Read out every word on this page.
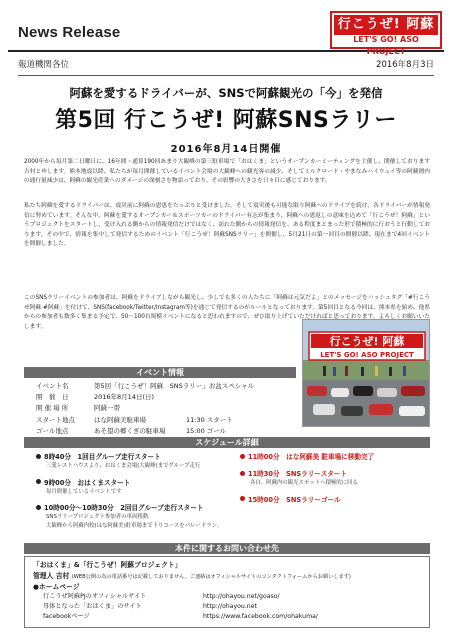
News Release	行こうぜ! 阿蘇
LET'S GO! ASO PROJECT
報道機関各位	2016年8月3日
阿蘇を愛するドライバーが、SNSで阿蘇観光の「今」を発信
第5回 行こうぜ! 阿蘇SNSラリー
2016年8月14日開催

2000年から毎月第二日曜日に、16年間・通算190回あまり大観峰の第三駐車場で「おはくま」というオープンカーミーティングを主催し、開催しております吉村と申します。熊本地震以降、私たちが毎月開催しているイベント会場の大観峰への観光客の減少、そしてミルクロード・やまなみハイウェイ等の阿蘇圏内の通行量減少は、阿蘇の観光産業へのダメージの深刻さを物語っており、その影響の大きさを日々目に感じております。

私たち阿蘇を愛するドライバーは、震災前に阿蘇の恩恵をたっぷりと受けました。そして震災後も可能な限り阿蘇へのドライブを続け、各ドライバーが情報発信に努めています。そんな中、阿蘇を愛するオープンカー＆スポーツカーのドライバー有志が集まり、阿蘇への恩返しの意味を込めて「行こうぜ！阿蘇」というプロジェクトをスタートし、受け入れる側からの情報発信だけではなく、訪れた側からの情報発信を、ある程度まとまった形で積極的に行おうと行動しております。その中で、情報を集中して発信するためのイベント「行こうぜ！阿蘇SNSラリー」を開催し、5月21日の第一回目の開催以降、現在まで4回イベントを開催しました。

このSNSラリーイベントの参加者は、阿蘇をドライブしながら観光し、少しでも多くの人たちに「阿蘇は元気だよ」とのメッセージをハッシュタグ「#行こうぜ阿蘇 #阿蘇」を付けて、SNS(facebook/Twitter/Instagram等)を通じて発信するのがルールとなっております。第5回目となる今回は、熊本県を始め、他県からの参加者も数多く集まる予定で、50～100台規模イベントになると思われますので、ぜひ取り上げていただければと思っております。よろしくお願いいたします。

行こうぜ! 阿蘇
LET'S GO! ASO PROJECT
イベント情報
イベント名	第5回「行こうぜ！阿蘇　SNSラリー」お盆スペシャル
開　催　日	2016年8月14日(日)
開 催 場 所	阿蘇一帯
スタート地点	はな阿蘇美駐車場	11:30 スタート
ゴール地点	あそ望の郷くぎの駐車場	15:00 ゴール
スケジュール詳細
8時40分　1回目グループ走行スタート
三愛レストハウスより、おはくま会場(大観峰)までグループ走行
9時00分　おはくまスタート
毎月開催しているイベントです
10時00分～10時30分　2回目グループ走行スタート
SNSラリープロジェクト参加者の車両移動
大観峰から阿蘇内牧(はな阿蘇美)駐車場まで下りコースをパレードラン。
11時00分　はな阿蘇美 駐車場に移動完了
11時30分　SNSラリースタート
各自、阿蘇内の観光スポットへ積極的に回る
15時00分　SNSラリーゴール
本件に関するお問い合わせ先
「おはくま」&「行こうぜ！阿蘇プロジェクト」
管理人 吉村 (WEB公開の為の電話番号は記載しておりません。ご連絡はオフィシャルサイトのコンタクトフォームからお願いします)
●ホームページ
行こうぜ阿蘇PJのオフィシャルサイト	http://ohayou.net/goaso/
母体となった「おはくま」のサイト	http://ohayou.net
facebookページ	https://www.facebook.com/ohakuma/
